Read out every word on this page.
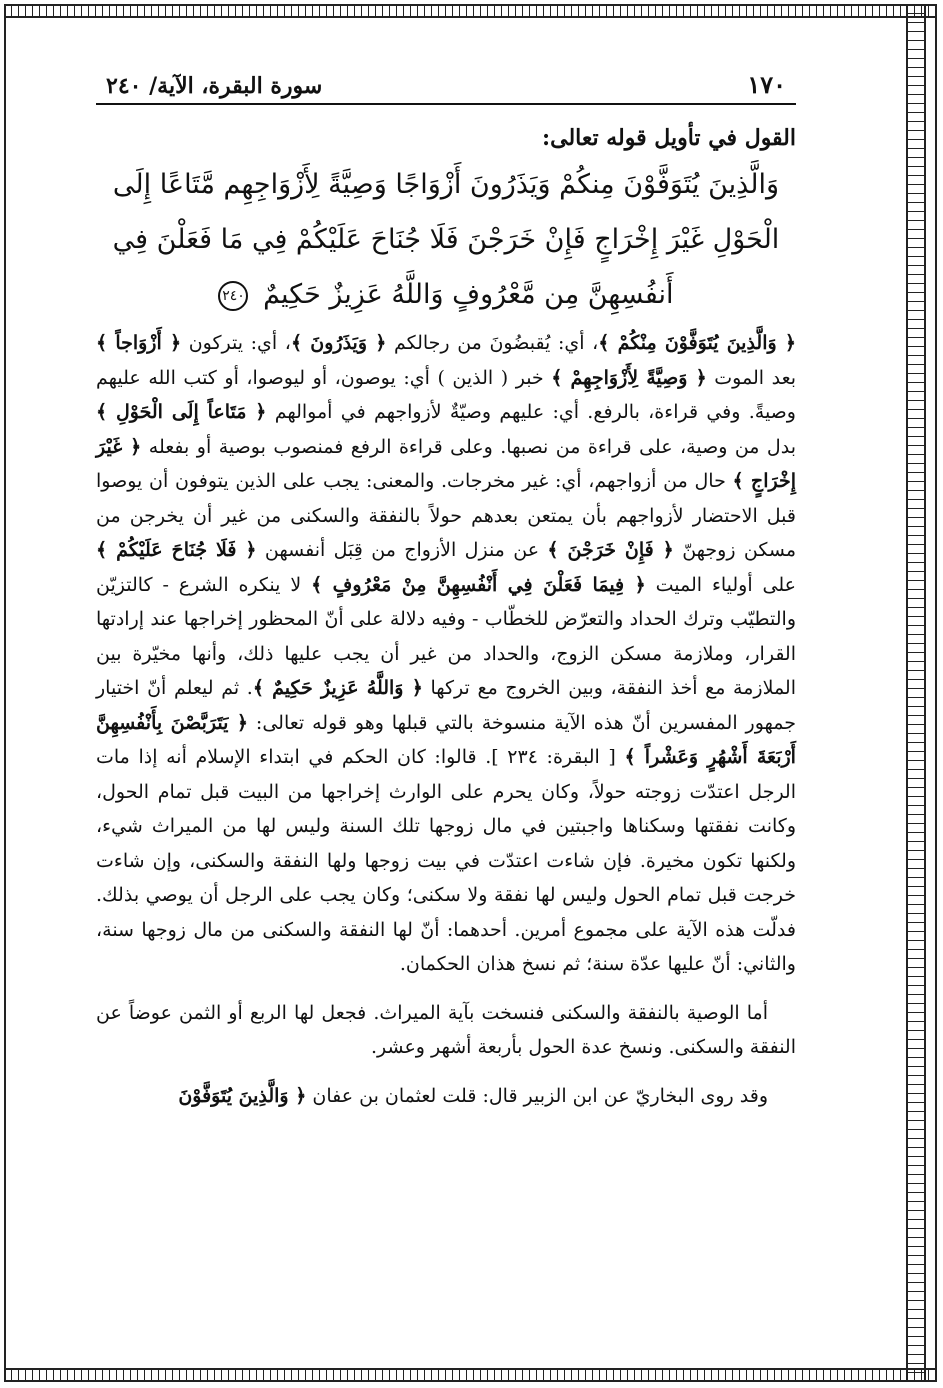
١٧٠
سورة البقرة، الآية/ ٢٤٠
القول في تأويل قوله تعالى:
وَالَّذِينَ يُتَوَفَّوْنَ مِنكُمْ وَيَذَرُونَ أَزْوَاجًا وَصِيَّةً لِأَزْوَاجِهِم مَّتَاعًا إِلَى
الْحَوْلِ غَيْرَ إِخْرَاجٍ فَإِنْ خَرَجْنَ فَلَا جُنَاحَ عَلَيْكُمْ فِي مَا فَعَلْنَ فِي
أَنفُسِهِنَّ مِن مَّعْرُوفٍ وَاللَّهُ عَزِيزٌ حَكِيمٌ ٢٤٠

﴿ وَالَّذِينَ يُتَوَفَّوْنَ مِنْكُمْ ﴾، أي: يُقبضُونَ من رجالكم ﴿ وَيَذَرُونَ ﴾، أي: يتركون ﴿ أَزْوَاجاً ﴾ بعد الموت ﴿ وَصِيَّةً لِأَزْوَاجِهِمْ ﴾ خبر ( الذين ) أي: يوصون، أو ليوصوا، أو كتب الله عليهم وصيةً. وفي قراءة، بالرفع. أي: عليهم وصيّةٌ لأزواجهم في أموالهم ﴿ مَتَاعاً إِلَى الْحَوْلِ ﴾ بدل من وصية، على قراءة من نصبها. وعلى قراءة الرفع فمنصوب بوصية أو بفعله ﴿ غَيْرَ إِخْرَاجٍ ﴾ حال من أزواجهم، أي: غير مخرجات. والمعنى: يجب على الذين يتوفون أن يوصوا قبل الاحتضار لأزواجهم بأن يمتعن بعدهم حولاً بالنفقة والسكنى من غير أن يخرجن من مسكن زوجهنّ ﴿ فَإِنْ خَرَجْنَ ﴾ عن منزل الأزواج من قِبَل أنفسهن ﴿ فَلَا جُنَاحَ عَلَيْكُمْ ﴾ على أولياء الميت ﴿ فِيمَا فَعَلْنَ فِي أَنْفُسِهِنَّ مِنْ مَعْرُوفٍ ﴾ لا ينكره الشرع - كالتزيّن والتطيّب وترك الحداد والتعرّض للخطّاب - وفيه دلالة على أنّ المحظور إخراجها عند إرادتها القرار، وملازمة مسكن الزوج، والحداد من غير أن يجب عليها ذلك، وأنها مخيّرة بين الملازمة مع أخذ النفقة، وبين الخروج مع تركها ﴿ وَاللَّهُ عَزِيزٌ حَكِيمٌ ﴾. ثم ليعلم أنّ اختيار جمهور المفسرين أنّ هذه الآية منسوخة بالتي قبلها وهو قوله تعالى: ﴿ يَتَرَبَّصْنَ بِأَنْفُسِهِنَّ أَرْبَعَةَ أَشْهُرٍ وَعَشْراً ﴾ [ البقرة: ٢٣٤ ]. قالوا: كان الحكم في ابتداء الإسلام أنه إذا مات الرجل اعتدّت زوجته حولاً، وكان يحرم على الوارث إخراجها من البيت قبل تمام الحول، وكانت نفقتها وسكناها واجبتين في مال زوجها تلك السنة وليس لها من الميراث شيء، ولكنها تكون مخيرة. فإن شاءت اعتدّت في بيت زوجها ولها النفقة والسكنى، وإن شاءت خرجت قبل تمام الحول وليس لها نفقة ولا سكنى؛ وكان يجب على الرجل أن يوصي بذلك. فدلّت هذه الآية على مجموع أمرين. أحدهما: أنّ لها النفقة والسكنى من مال زوجها سنة، والثاني: أنّ عليها عدّة سنة؛ ثم نسخ هذان الحكمان.

أما الوصية بالنفقة والسكنى فنسخت بآية الميراث. فجعل لها الربع أو الثمن عوضاً عن النفقة والسكنى. ونسخ عدة الحول بأربعة أشهر وعشر.

وقد روى البخاريّ عن ابن الزبير قال: قلت لعثمان بن عفان ﴿ وَالَّذِينَ يُتَوَفَّوْنَ
